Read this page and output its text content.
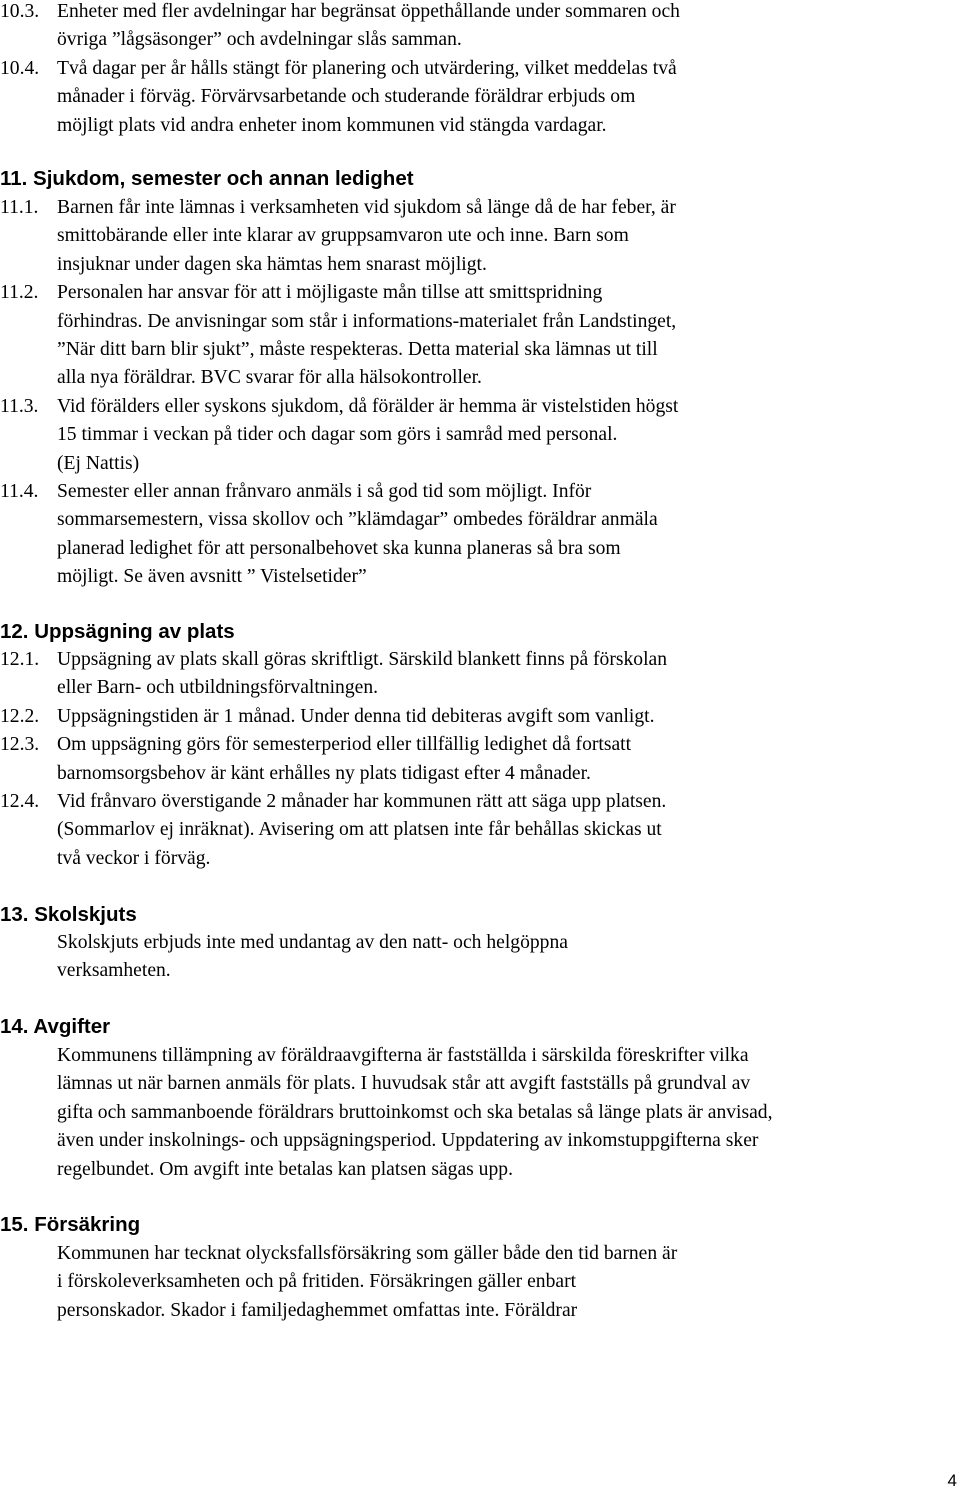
10.3. Enheter med fler avdelningar har begränsat öppethållande under sommaren och
övriga ”lågsäsonger” och avdelningar slås samman.
10.4. Två dagar per år hålls stängt för planering och utvärdering, vilket meddelas två
månader i förväg. Förvärvsarbetande och studerande föräldrar erbjuds om
möjligt plats vid andra enheter inom kommunen vid stängda vardagar.
11. Sjukdom, semester och annan ledighet
11.1. Barnen får inte lämnas i verksamheten vid sjukdom så länge då de har feber, är
smittobärande eller inte klarar av gruppsamvaron ute och inne. Barn som
insjuknar under dagen ska hämtas hem snarast möjligt.
11.2. Personalen har ansvar för att i möjligaste mån tillse att smittspridning
förhindras. De anvisningar som står i informations-materialet från Landstinget,
”När ditt barn blir sjukt”, måste respekteras. Detta material ska lämnas ut till
alla nya föräldrar. BVC svarar för alla hälsokontroller.
11.3. Vid förälders eller syskons sjukdom, då förälder är hemma är vistelstiden högst
15 timmar i veckan på tider och dagar som görs i samråd med personal.
(Ej Nattis)
11.4. Semester eller annan frånvaro anmäls i så god tid som möjligt. Inför
sommarsemestern, vissa skollov och ”klämdagar” ombedes föräldrar anmäla
planerad ledighet för att personalbehovet ska kunna planeras så bra som
möjligt. Se även avsnitt ” Vistelsetider”
12. Uppsägning av plats
12.1. Uppsägning av plats skall göras skriftligt. Särskild blankett finns på förskolan
eller Barn- och utbildningsförvaltningen.
12.2. Uppsägningstiden är 1 månad. Under denna tid debiteras avgift som vanligt.
12.3. Om uppsägning görs för semesterperiod eller tillfällig ledighet då fortsatt
barnomsorgsbehov är känt erhålles ny plats tidigast efter 4 månader.
12.4. Vid frånvaro överstigande 2 månader har kommunen rätt att säga upp platsen.
(Sommarlov ej inräknat). Avisering om att platsen inte får behållas skickas ut
två veckor i förväg.
13. Skolskjuts
Skolskjuts erbjuds inte med undantag av den natt- och helgöppna
verksamheten.
14. Avgifter
Kommunens tillämpning av föräldraavgifterna är fastställda i särskilda föreskrifter vilka
lämnas ut när barnen anmäls för plats. I huvudsak står att avgift fastställs på grundval av
gifta och sammanboende föräldrars bruttoinkomst och ska betalas så länge plats är anvisad,
även under inskolnings- och uppsägningsperiod. Uppdatering av inkomstuppgifterna sker
regelbundet. Om avgift inte betalas kan platsen sägas upp.
15. Försäkring
Kommunen har tecknat olycksfallsförsäkring som gäller både den tid barnen är
i förskoleverksamheten och på fritiden. Försäkringen gäller enbart
personskador. Skador i familjedaghemmet omfattas inte. Föräldrar
4
